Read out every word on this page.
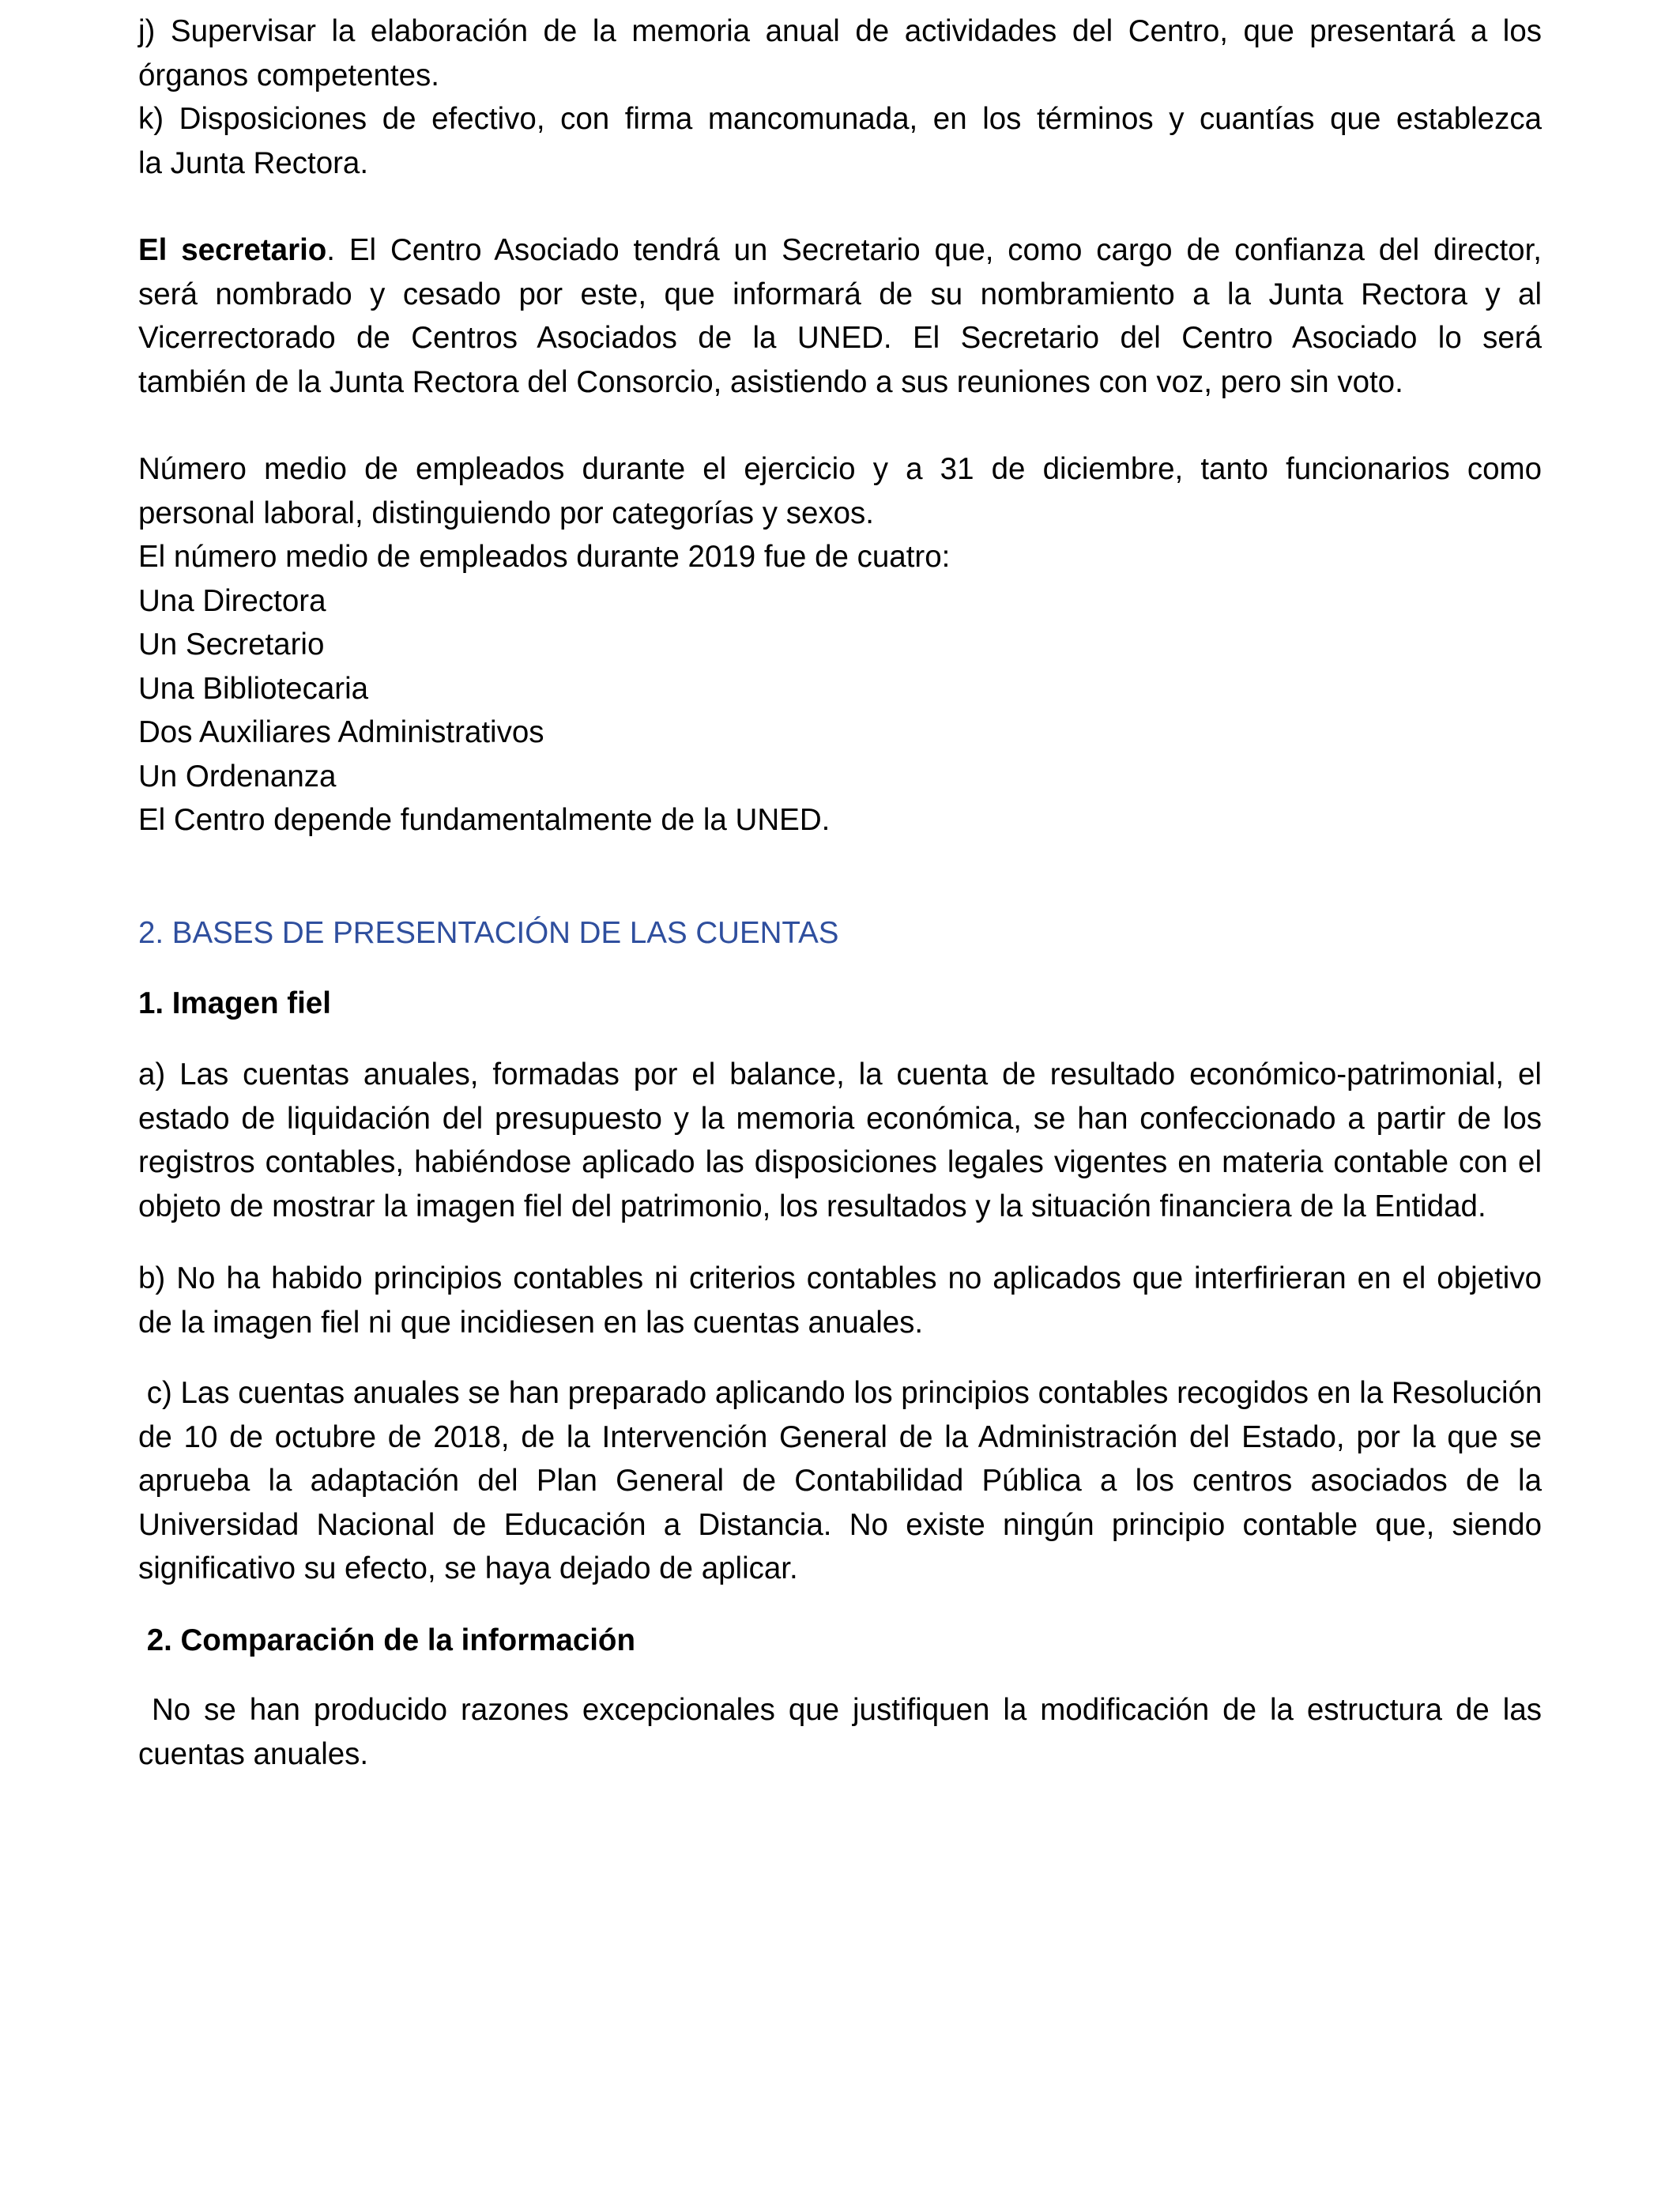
j) Supervisar la elaboración de la memoria anual de actividades del Centro, que presentará a los
órganos competentes.
k) Disposiciones de efectivo, con firma mancomunada, en los términos y cuantías que establezca
la Junta Rectora.
El secretario. El Centro Asociado tendrá un Secretario que, como cargo de confianza del director,
será nombrado y cesado por este, que informará de su nombramiento a la Junta Rectora y al
Vicerrectorado de Centros Asociados de la UNED. El Secretario del Centro Asociado lo será
también de la Junta Rectora del Consorcio, asistiendo a sus reuniones con voz, pero sin voto.
Número medio de empleados durante el ejercicio y a 31 de diciembre, tanto funcionarios como
personal laboral, distinguiendo por categorías y sexos.
El número medio de empleados durante 2019 fue de cuatro:
Una Directora
Un Secretario
Una Bibliotecaria
Dos Auxiliares Administrativos
Un Ordenanza
El Centro depende fundamentalmente de la UNED.
2. BASES DE PRESENTACIÓN DE LAS CUENTAS
1. Imagen fiel
a) Las cuentas anuales, formadas por el balance, la cuenta de resultado económico-patrimonial, el
estado de liquidación del presupuesto y la memoria económica, se han confeccionado a partir de los
registros contables, habiéndose aplicado las disposiciones legales vigentes en materia contable con el
objeto de mostrar la imagen fiel del patrimonio, los resultados y la situación financiera de la Entidad.
b) No ha habido principios contables ni criterios contables no aplicados que interfirieran en el objetivo
de la imagen fiel ni que incidiesen en las cuentas anuales.
c) Las cuentas anuales se han preparado aplicando los principios contables recogidos en la Resolución
de 10 de octubre de 2018, de la Intervención General de la Administración del Estado, por la que se
aprueba la adaptación del Plan General de Contabilidad Pública a los centros asociados de la
Universidad Nacional de Educación a Distancia. No existe ningún principio contable que, siendo
significativo su efecto, se haya dejado de aplicar.
2. Comparación de la información
No se han producido razones excepcionales que justifiquen la modificación de la estructura de las
cuentas anuales.
